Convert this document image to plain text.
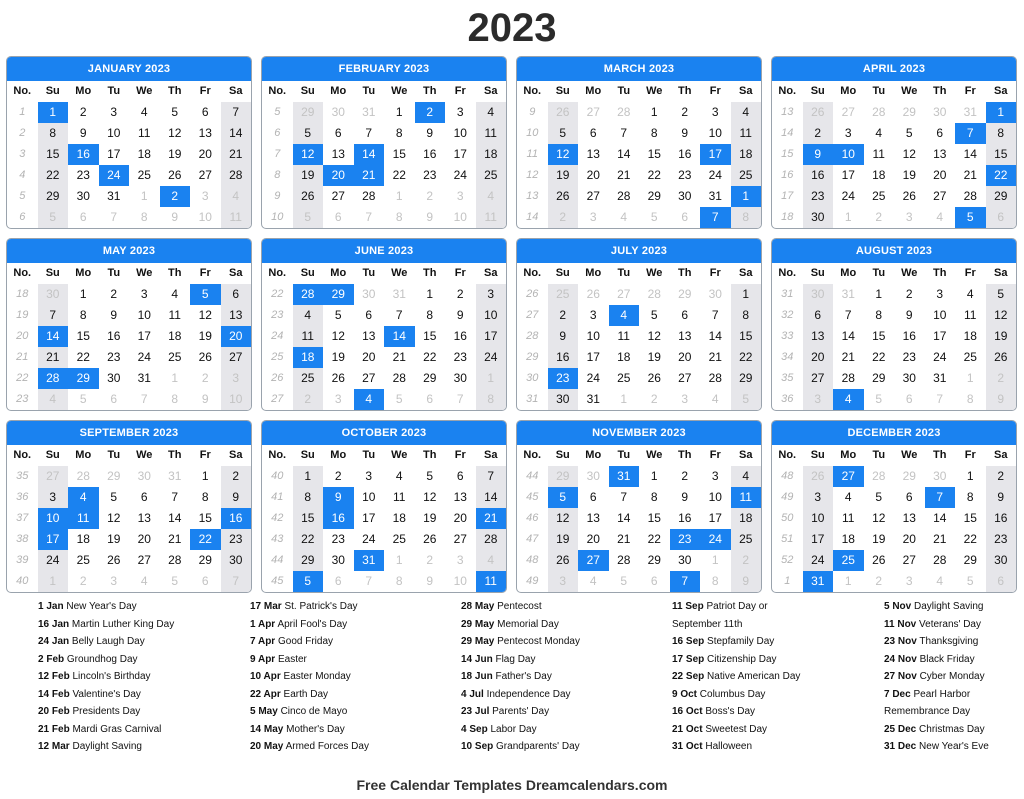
2023
JANUARY 2023
No.	Su	Mo	Tu	We	Th	Fr	Sa
1	1	2	3	4	5	6	7
2	8	9	10	11	12	13	14
3	15	16	17	18	19	20	21
4	22	23	24	25	26	27	28
5	29	30	31	1	2	3	4
6	5	6	7	8	9	10	11
FEBRUARY 2023
No.	Su	Mo	Tu	We	Th	Fr	Sa
5	29	30	31	1	2	3	4
6	5	6	7	8	9	10	11
7	12	13	14	15	16	17	18
8	19	20	21	22	23	24	25
9	26	27	28	1	2	3	4
10	5	6	7	8	9	10	11
MARCH 2023
No.	Su	Mo	Tu	We	Th	Fr	Sa
9	26	27	28	1	2	3	4
10	5	6	7	8	9	10	11
11	12	13	14	15	16	17	18
12	19	20	21	22	23	24	25
13	26	27	28	29	30	31	1
14	2	3	4	5	6	7	8
APRIL 2023
No.	Su	Mo	Tu	We	Th	Fr	Sa
13	26	27	28	29	30	31	1
14	2	3	4	5	6	7	8
15	9	10	11	12	13	14	15
16	16	17	18	19	20	21	22
17	23	24	25	26	27	28	29
18	30	1	2	3	4	5	6
MAY 2023
No.	Su	Mo	Tu	We	Th	Fr	Sa
18	30	1	2	3	4	5	6
19	7	8	9	10	11	12	13
20	14	15	16	17	18	19	20
21	21	22	23	24	25	26	27
22	28	29	30	31	1	2	3
23	4	5	6	7	8	9	10
JUNE 2023
No.	Su	Mo	Tu	We	Th	Fr	Sa
22	28	29	30	31	1	2	3
23	4	5	6	7	8	9	10
24	11	12	13	14	15	16	17
25	18	19	20	21	22	23	24
26	25	26	27	28	29	30	1
27	2	3	4	5	6	7	8
JULY 2023
No.	Su	Mo	Tu	We	Th	Fr	Sa
26	25	26	27	28	29	30	1
27	2	3	4	5	6	7	8
28	9	10	11	12	13	14	15
29	16	17	18	19	20	21	22
30	23	24	25	26	27	28	29
31	30	31	1	2	3	4	5
AUGUST 2023
No.	Su	Mo	Tu	We	Th	Fr	Sa
31	30	31	1	2	3	4	5
32	6	7	8	9	10	11	12
33	13	14	15	16	17	18	19
34	20	21	22	23	24	25	26
35	27	28	29	30	31	1	2
36	3	4	5	6	7	8	9
SEPTEMBER 2023
No.	Su	Mo	Tu	We	Th	Fr	Sa
35	27	28	29	30	31	1	2
36	3	4	5	6	7	8	9
37	10	11	12	13	14	15	16
38	17	18	19	20	21	22	23
39	24	25	26	27	28	29	30
40	1	2	3	4	5	6	7
OCTOBER 2023
No.	Su	Mo	Tu	We	Th	Fr	Sa
40	1	2	3	4	5	6	7
41	8	9	10	11	12	13	14
42	15	16	17	18	19	20	21
43	22	23	24	25	26	27	28
44	29	30	31	1	2	3	4
45	5	6	7	8	9	10	11
NOVEMBER 2023
No.	Su	Mo	Tu	We	Th	Fr	Sa
44	29	30	31	1	2	3	4
45	5	6	7	8	9	10	11
46	12	13	14	15	16	17	18
47	19	20	21	22	23	24	25
48	26	27	28	29	30	1	2
49	3	4	5	6	7	8	9
DECEMBER 2023
No.	Su	Mo	Tu	We	Th	Fr	Sa
48	26	27	28	29	30	1	2
49	3	4	5	6	7	8	9
50	10	11	12	13	14	15	16
51	17	18	19	20	21	22	23
52	24	25	26	27	28	29	30
1	31	1	2	3	4	5	6
1 Jan New Year's Day
16 Jan Martin Luther King Day
24 Jan Belly Laugh Day
2 Feb Groundhog Day
12 Feb Lincoln's Birthday
14 Feb Valentine's Day
20 Feb Presidents Day
21 Feb Mardi Gras Carnival
12 Mar Daylight Saving
17 Mar St. Patrick's Day
1 Apr April Fool's Day
7 Apr Good Friday
9 Apr Easter
10 Apr Easter Monday
22 Apr Earth Day
5 May Cinco de Mayo
14 May Mother's Day
20 May Armed Forces Day
28 May Pentecost
29 May Memorial Day
29 May Pentecost Monday
14 Jun Flag Day
18 Jun Father's Day
4 Jul Independence Day
23 Jul Parents' Day
4 Sep Labor Day
10 Sep Grandparents' Day
11 Sep Patriot Day or
September 11th
16 Sep Stepfamily Day
17 Sep Citizenship Day
22 Sep Native American Day
9 Oct Columbus Day
16 Oct Boss's Day
21 Oct Sweetest Day
31 Oct Halloween
5 Nov Daylight Saving
11 Nov Veterans' Day
23 Nov Thanksgiving
24 Nov Black Friday
27 Nov Cyber Monday
7 Dec Pearl Harbor
Remembrance Day
25 Dec Christmas Day
31 Dec New Year's Eve
Free Calendar Templates Dreamcalendars.com
